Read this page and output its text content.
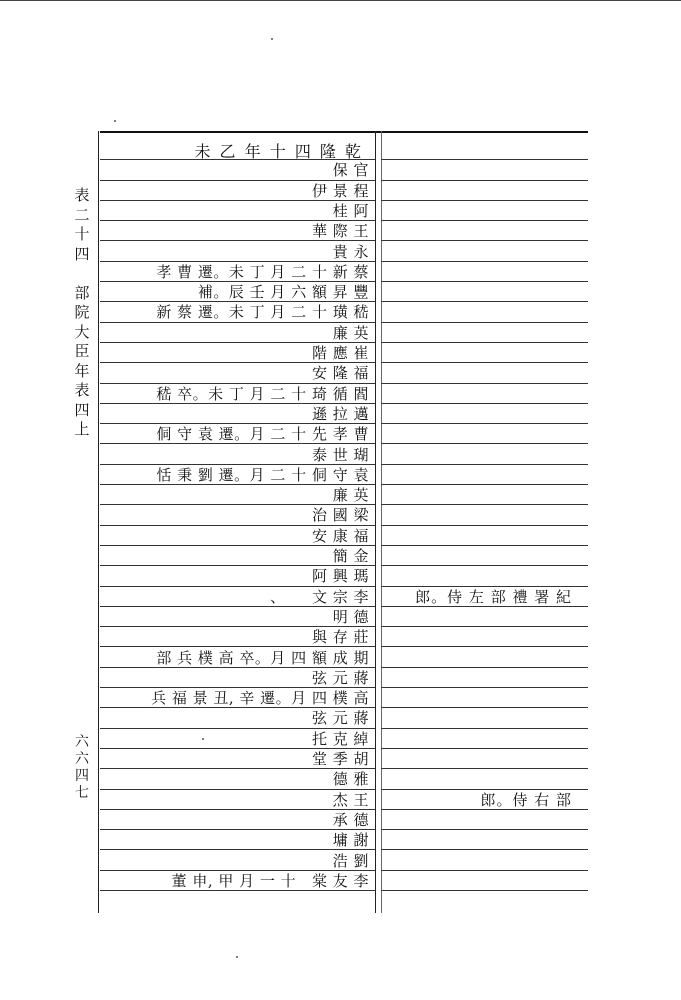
表
二
十
四
部
院
大
臣
年
表
四
上
六
六
四
七
未 乙 年 十 四 隆 乾
保 官
伊 景 程
桂 阿
華 際 王
貴 永
孝 曹 遷。未 丁 月 二 十 新 蔡
補。辰 壬 月 六 額 昇 豐
新 蔡 遷。未 丁 月 二 十 璜 嵇
廉 英
階 應 崔
安 隆 福
嵇 卒。未 丁 月 二 十 琦 循 閻
遜 拉 邁
侗 守 袁 遷。月 二 十 先 孝 曹
泰 世 瑚
恬 秉 劉 遷。月 二 十 侗 守 袁
廉 英
治 國 梁
安 康 福
簡 金
阿 興 瑪
、     文 宗 李
明 德
與 存 莊
部 兵 樸 高 卒。月 四 額 成 期
弦 元 蔣
兵 福 景 丑, 辛 遷。月 四 樸 高
弦 元 蔣
托 克 綽
堂 季 胡
德 雅
杰 王
承 德
墉 謝
浩 劉
董 申, 甲 月 一 十   棠 友 李
郎。侍 左 部 禮 署 紀
郎。侍 右 部
